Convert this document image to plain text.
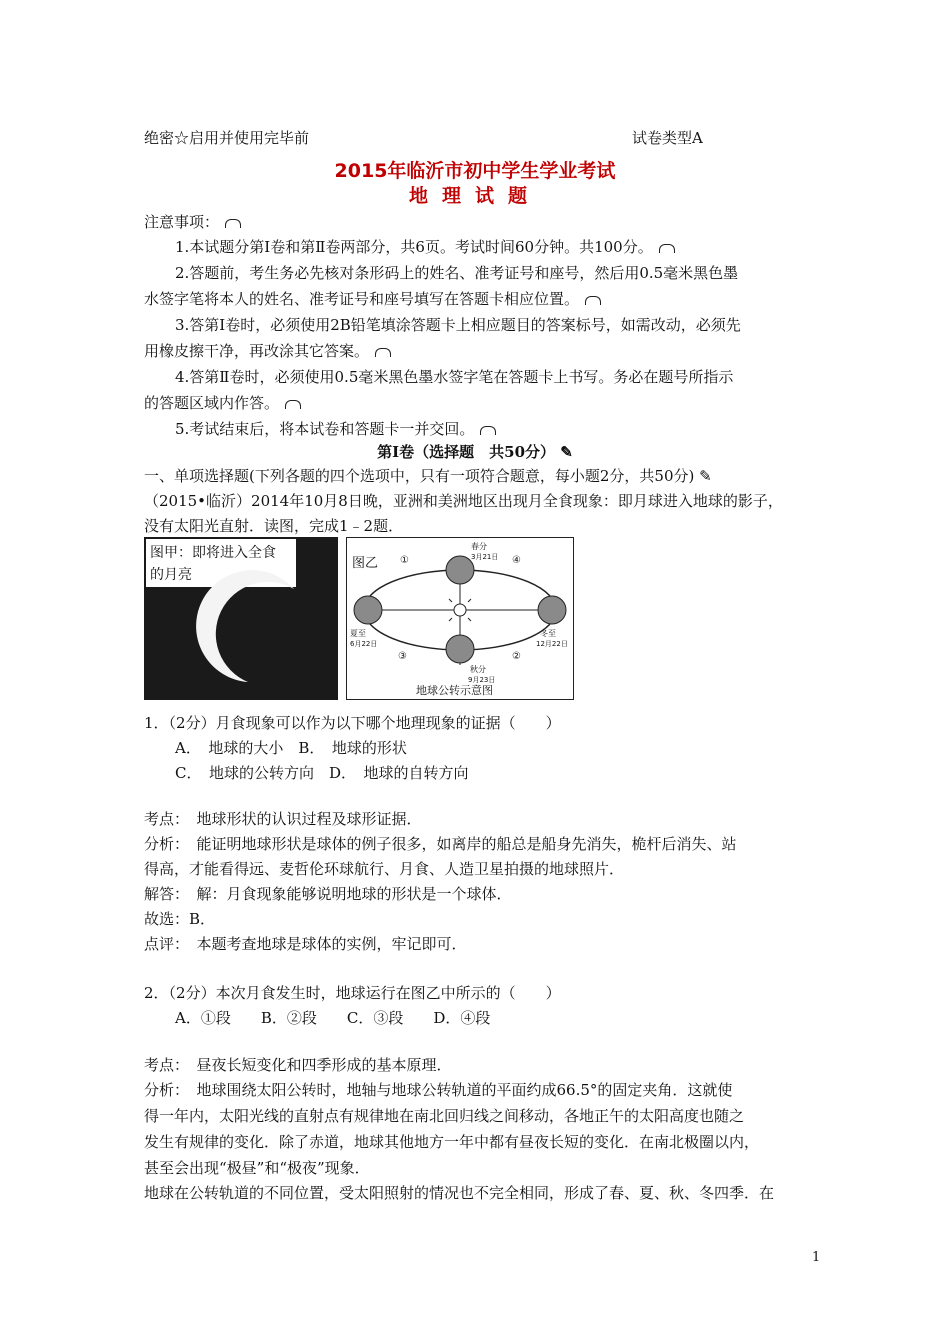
绝密☆启用并使用完毕前	试卷类型A
2015年临沂市初中学生学业考试
地理试题
注意事项：
1.本试题分第Ⅰ卷和第Ⅱ卷两部分，共6页。考试时间60分钟。共100分。
2.答题前，考生务必先核对条形码上的姓名、准考证号和座号，然后用0.5毫米黑色墨
水签字笔将本人的姓名、准考证号和座号填写在答题卡相应位置。
3.答第Ⅰ卷时，必须使用2B铅笔填涂答题卡上相应题目的答案标号，如需改动，必须先
用橡皮擦干净，再改涂其它答案。
4.答第Ⅱ卷时，必须使用0.5毫米黑色墨水签字笔在答题卡上书写。务必在题号所指示
的答题区域内作答。
5.考试结束后，将本试卷和答题卡一并交回。
第Ⅰ卷（选择题　共50分） ✎
一、单项选择题(下列各题的四个选项中，只有一项符合题意，每小题2分，共50分) ✎
（2015•临沂）2014年10月8日晚，亚洲和美洲地区出现月全食现象：即月球进入地球的影子，
没有太阳光直射．读图，完成1﹣2题．
图甲：即将进入全食
的月亮
图乙
春分
3月21日
夏至
6月22日
冬至
12月22日
秋分
9月23日
①	④
③	②
地球公转示意图
1．（2分）月食现象可以作为以下哪个地理现象的证据（　　）
A．　地球的大小　B．　地球的形状
C．　地球的公转方向　D．　地球的自转方向
考点：　地球形状的认识过程及球形证据．
分析：　能证明地球形状是球体的例子很多，如离岸的船总是船身先消失，桅杆后消失、站
得高，才能看得远、麦哲伦环球航行、月食、人造卫星拍摄的地球照片．
解答：　解：月食现象能够说明地球的形状是一个球体．
故选：B．
点评：　本题考查地球是球体的实例，牢记即可．
2．（2分）本次月食发生时，地球运行在图乙中所示的（　　）
A．①段　　B．②段　　C．③段　　D．④段
考点：　昼夜长短变化和四季形成的基本原理．
分析：　地球围绕太阳公转时，地轴与地球公转轨道的平面约成66.5°的固定夹角．这就使
得一年内，太阳光线的直射点有规律地在南北回归线之间移动，各地正午的太阳高度也随之
发生有规律的变化．除了赤道，地球其他地方一年中都有昼夜长短的变化．在南北极圈以内，
甚至会出现“极昼”和“极夜”现象．
地球在公转轨道的不同位置，受太阳照射的情况也不完全相同，形成了春、夏、秋、冬四季．在
1
